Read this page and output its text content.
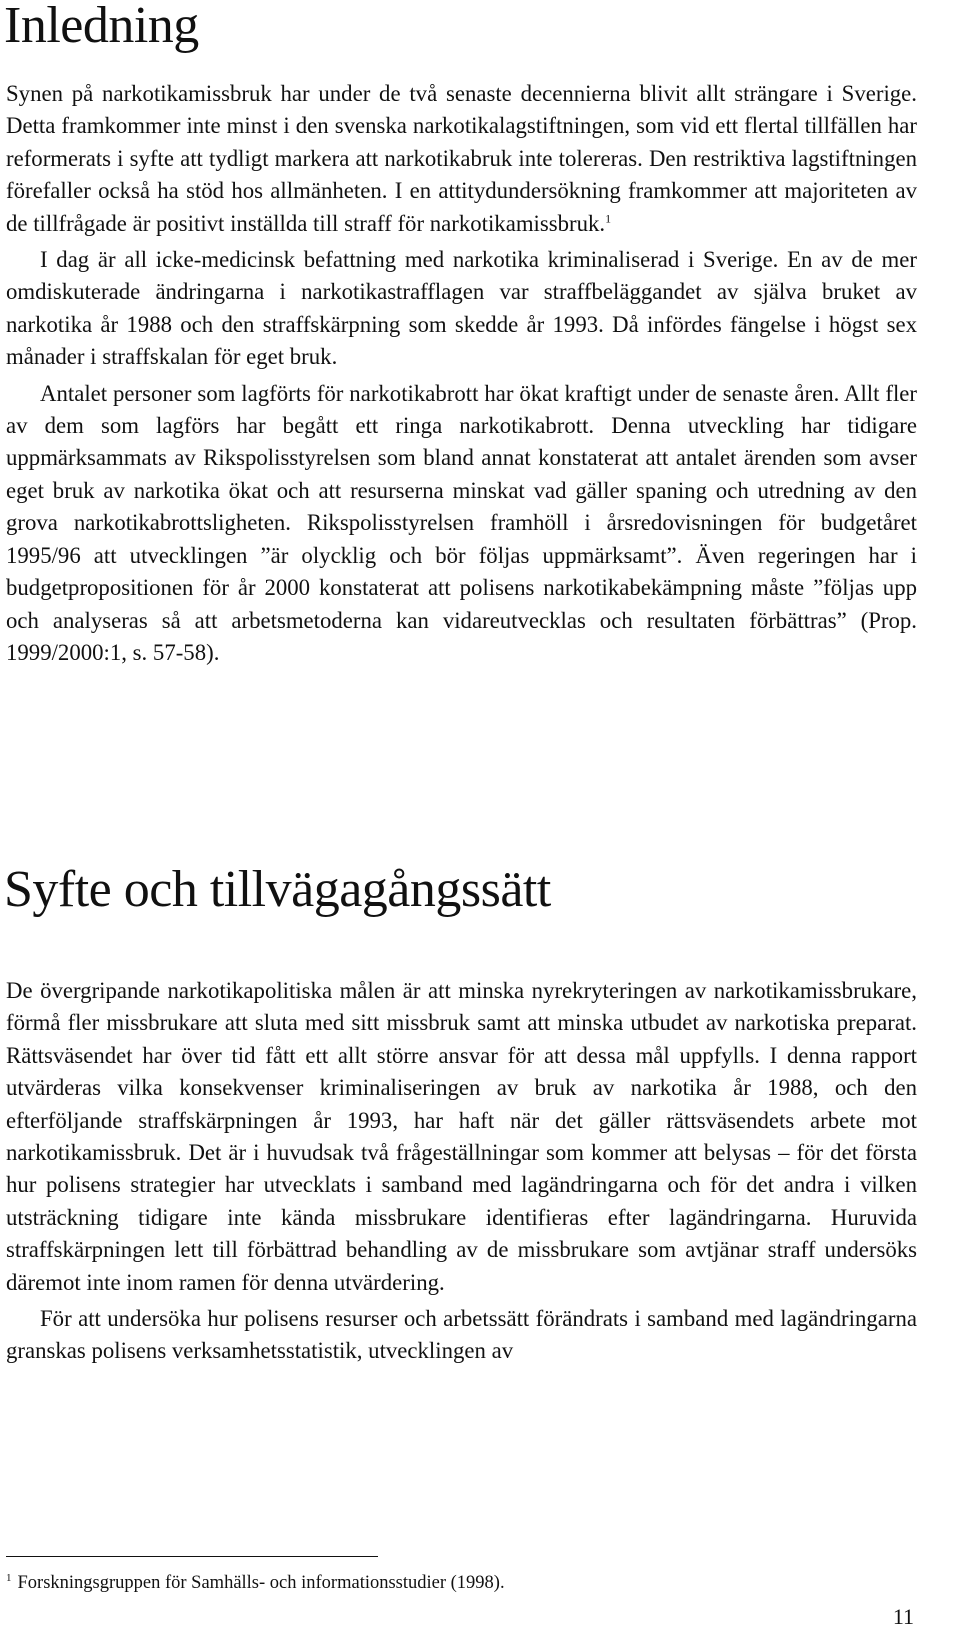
Inledning

Synen på narkotikamissbruk har under de två senaste decennierna blivit allt strängare i Sverige. Detta framkommer inte minst i den svenska narkotikalagstiftningen, som vid ett flertal tillfällen har reformerats i syfte att tydligt markera att narkotikabruk inte tolereras. Den restriktiva lagstiftningen förefaller också ha stöd hos allmänheten. I en attitydundersökning framkommer att majoriteten av de tillfrågade är positivt inställda till straff för narkotikamissbruk.$^1$

I dag är all icke-medicinsk befattning med narkotika kriminaliserad i Sverige. En av de mer omdiskuterade ändringarna i narkotikastrafflagen var straffbeläggandet av själva bruket av narkotika år 1988 och den straffskärpning som skedde år 1993. Då infördes fängelse i högst sex månader i straffskalan för eget bruk.

Antalet personer som lagförts för narkotikabrott har ökat kraftigt under de senaste åren. Allt fler av dem som lagförs har begått ett ringa narkotikabrott. Denna utveckling har tidigare uppmärksammats av Rikspolisstyrelsen som bland annat konstaterat att antalet ärenden som avser eget bruk av narkotika ökat och att resurserna minskat vad gäller spaning och utredning av den grova narkotikabrottsligheten. Rikspolisstyrelsen framhöll i årsredovisningen för budgetåret 1995/96 att utvecklingen ”är olycklig och bör följas uppmärksamt”. Även regeringen har i budgetpropositionen för år 2000 konstaterat att polisens narkotikabekämpning måste ”följas upp och analyseras så att arbetsmetoderna kan vidareutvecklas och resultaten förbättras” (Prop. 1999/2000:1, s. 57-58).

Syfte och tillvägagångssätt

De övergripande narkotikapolitiska målen är att minska nyrekryteringen av narkotikamissbrukare, förmå fler missbrukare att sluta med sitt missbruk samt att minska utbudet av narkotiska preparat. Rättsväsendet har över tid fått ett allt större ansvar för att dessa mål uppfylls. I denna rapport utvärderas vilka konsekvenser kriminaliseringen av bruk av narkotika år 1988, och den efterföljande straffskärpningen år 1993, har haft när det gäller rättsväsendets arbete mot narkotikamissbruk. Det är i huvudsak två frågeställningar som kommer att belysas – för det första hur polisens strategier har utvecklats i samband med lagändringarna och för det andra i vilken utsträckning tidigare inte kända missbrukare identifieras efter lagändringarna. Huruvida straffskärpningen lett till förbättrad behandling av de missbrukare som avtjänar straff undersöks däremot inte inom ramen för denna utvärdering.

För att undersöka hur polisens resurser och arbetssätt förändrats i samband med lagändringarna granskas polisens verksamhetsstatistik, utvecklingen av

$^1$ Forskningsgruppen för Samhälls- och informationsstudier (1998).
11
